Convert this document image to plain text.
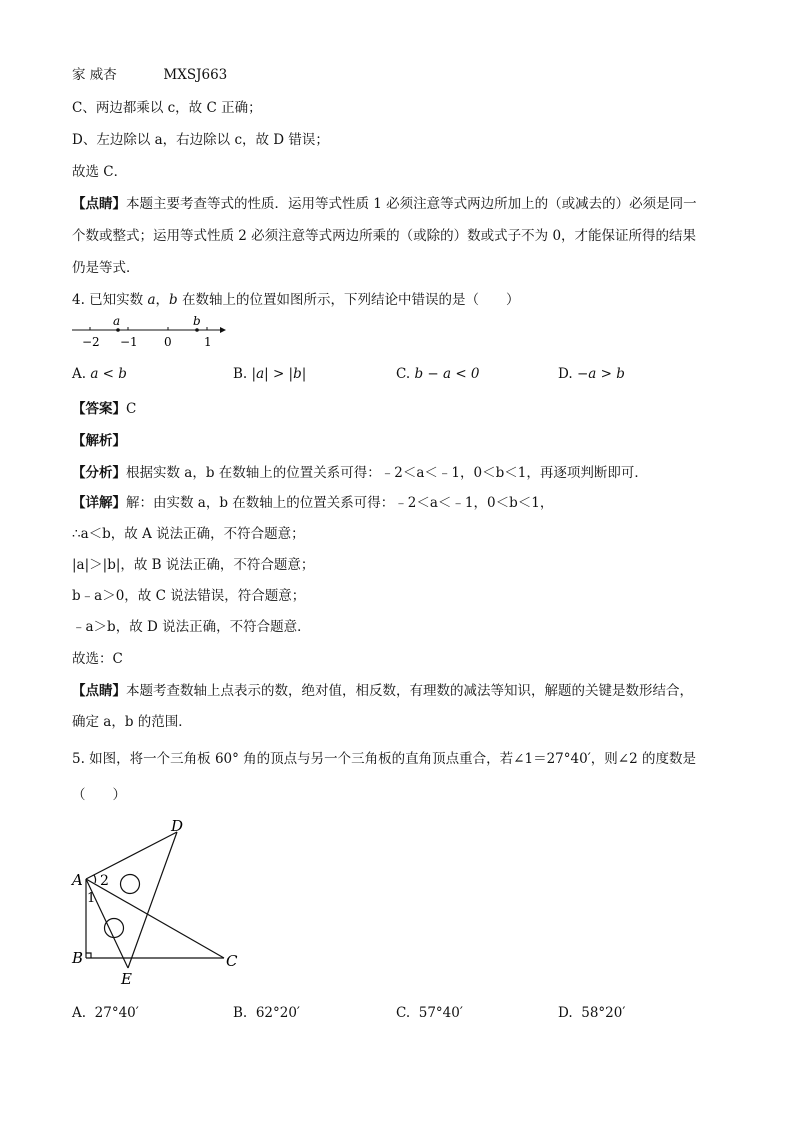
家 威杏	MXSJ663
C、两边都乘以 c，故 C 正确；
D、左边除以 a，右边除以 c，故 D 错误；
故选 C．
【点睛】本题主要考查等式的性质．运用等式性质 1 必须注意等式两边所加上的（或减去的）必须是同一
个数或整式；运用等式性质 2 必须注意等式两边所乘的（或除的）数或式子不为 0，才能保证所得的结果
仍是等式．
4. 已知实数 a，b 在数轴上的位置如图所示，下列结论中错误的是（　　）
a	b
−2 −1 0	1
A. a < b	B. |a| > |b|	C. b − a < 0	D. −a > b
【答案】C
【解析】
【分析】根据实数 a，b 在数轴上的位置关系可得：﹣2＜a＜﹣1，0＜b＜1，再逐项判断即可．
【详解】解：由实数 a，b 在数轴上的位置关系可得：﹣2＜a＜﹣1，0＜b＜1，
∴a＜b，故 A 说法正确，不符合题意；
|a|＞|b|，故 B 说法正确，不符合题意；
b﹣a＞0，故 C 说法错误，符合题意；
﹣a＞b，故 D 说法正确，不符合题意．
故选：C
【点睛】本题考查数轴上点表示的数，绝对值，相反数，有理数的减法等知识，解题的关键是数形结合，
确定 a，b 的范围．
5. 如图，将一个三角板 60° 角的顶点与另一个三角板的直角顶点重合，若∠1＝27°40′，则∠2 的度数是
（　　）
A
B	C
D
E
2
1
A. 27°40′	B. 62°20′	C. 57°40′	D. 58°20′
